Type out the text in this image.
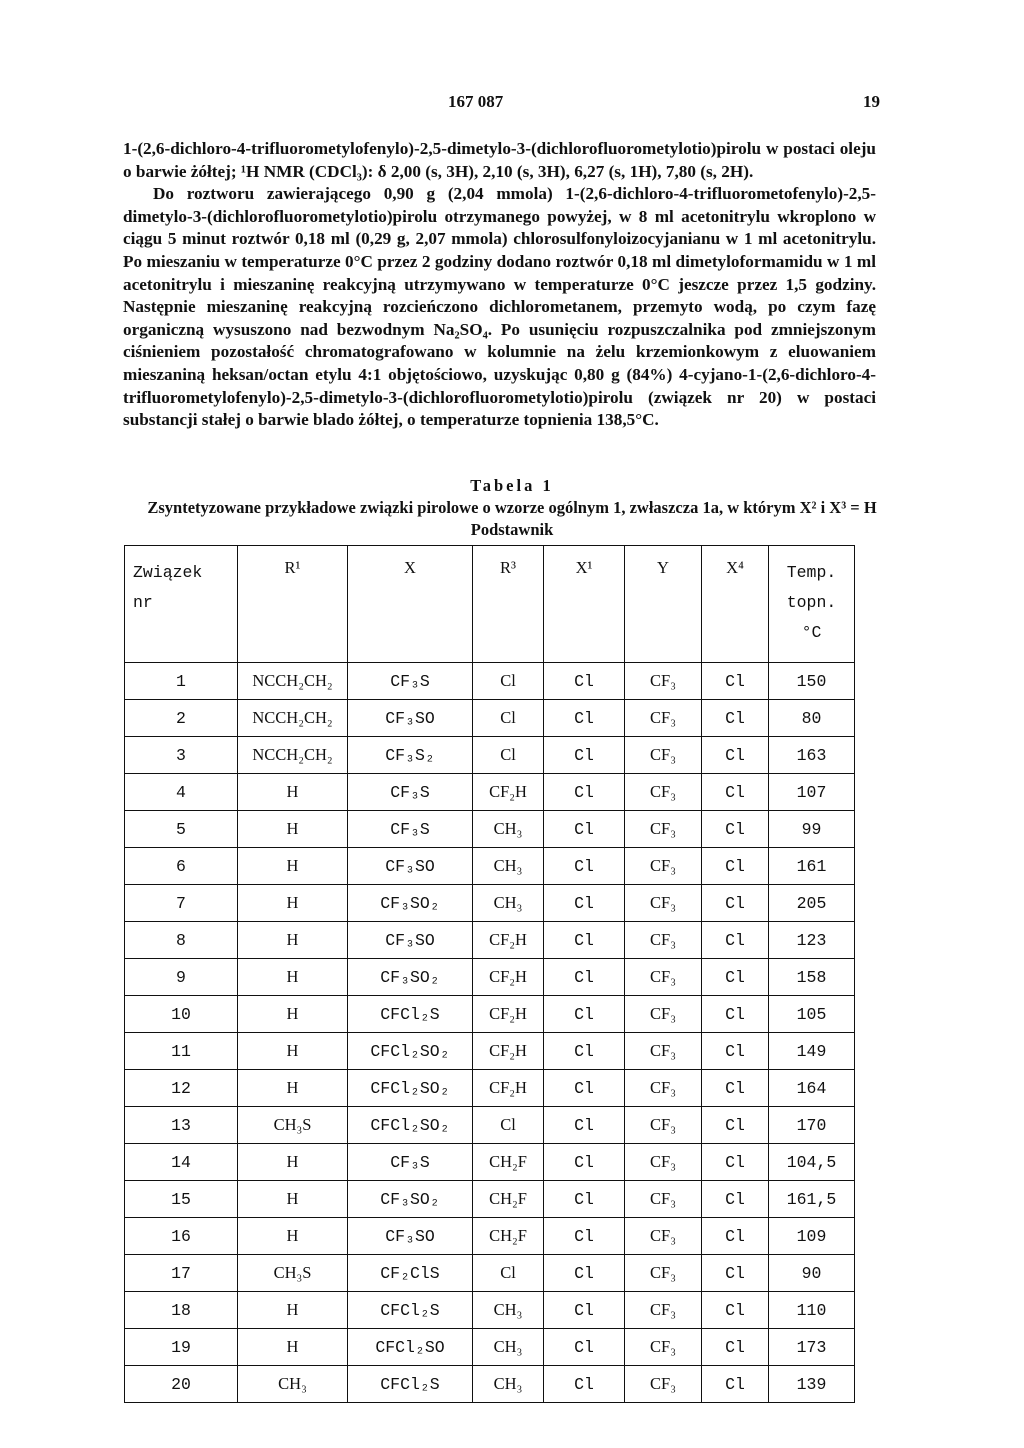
167 087	19

1-(2,6-dichloro-4-trifluorometylofenylo)-2,5-dimetylo-3-(dichlorofluorometylotio)pirolu w postaci oleju o barwie żółtej; ¹H NMR (CDCl₃): δ 2,00 (s, 3H), 2,10 (s, 3H), 6,27 (s, 1H), 7,80 (s, 2H).

Do roztworu zawierającego 0,90 g (2,04 mmola) 1-(2,6-dichloro-4-trifluorometofenylo)-2,5-dimetylo-3-(dichlorofluorometylotio)pirolu otrzymanego powyżej, w 8 ml acetonitrylu wkroplono w ciągu 5 minut roztwór 0,18 ml (0,29 g, 2,07 mmola) chlorosulfonyloizocyjanianu w 1 ml acetonitrylu. Po mieszaniu w temperaturze 0°C przez 2 godziny dodano roztwór 0,18 ml dimetyloformamidu w 1 ml acetonitrylu i mieszaninę reakcyjną utrzymywano w temperaturze 0°C jeszcze przez 1,5 godziny. Następnie mieszaninę reakcyjną rozcieńczono dichlorometanem, przemyto wodą, po czym fazę organiczną wysuszono nad bezwodnym Na₂SO₄. Po usunięciu rozpuszczalnika pod zmniejszonym ciśnieniem pozostałość chromatografowano w kolumnie na żelu krzemionkowym z eluowaniem mieszaniną heksan/octan etylu 4:1 objętościowo, uzyskując 0,80 g (84%) 4-cyjano-1-(2,6-dichloro-4-trifluorometylofenylo)-2,5-dimetylo-3-(dichlorofluorometylotio)pirolu (związek nr 20) w postaci substancji stałej o barwie blado żółtej, o temperaturze topnienia 138,5°C.

Tabela 1
Zsyntetyzowane przykładowe związki pirolowe o wzorze ogólnym 1, zwłaszcza 1a, w którym X² i X³ = H
Podstawnik
Związek
nr	R¹	X	R³	X¹	Y	X⁴	Temp.
topn.
°C

1	NCCH₂CH₂	CF₃S	Cl	Cl	CF₃	Cl	150
2	NCCH₂CH₂	CF₃SO	Cl	Cl	CF₃	Cl	80
3	NCCH₂CH₂	CF₃S₂	Cl	Cl	CF₃	Cl	163
4	H	CF₃S	CF₂H	Cl	CF₃	Cl	107
5	H	CF₃S	CH₃	Cl	CF₃	Cl	99
6	H	CF₃SO	CH₃	Cl	CF₃	Cl	161
7	H	CF₃SO₂	CH₃	Cl	CF₃	Cl	205
8	H	CF₃SO	CF₂H	Cl	CF₃	Cl	123
9	H	CF₃SO₂	CF₂H	Cl	CF₃	Cl	158
10	H	CFCl₂S	CF₂H	Cl	CF₃	Cl	105
11	H	CFCl₂SO₂	CF₂H	Cl	CF₃	Cl	149
12	H	CFCl₂SO₂	CF₂H	Cl	CF₃	Cl	164
13	CH₃S	CFCl₂SO₂	Cl	Cl	CF₃	Cl	170
14	H	CF₃S	CH₂F	Cl	CF₃	Cl	104,5
15	H	CF₃SO₂	CH₂F	Cl	CF₃	Cl	161,5
16	H	CF₃SO	CH₂F	Cl	CF₃	Cl	109
17	CH₃S	CF₂ClS	Cl	Cl	CF₃	Cl	90
18	H	CFCl₂S	CH₃	Cl	CF₃	Cl	110
19	H	CFCl₂SO	CH₃	Cl	CF₃	Cl	173
20	CH₃	CFCl₂S	CH₃	Cl	CF₃	Cl	139
